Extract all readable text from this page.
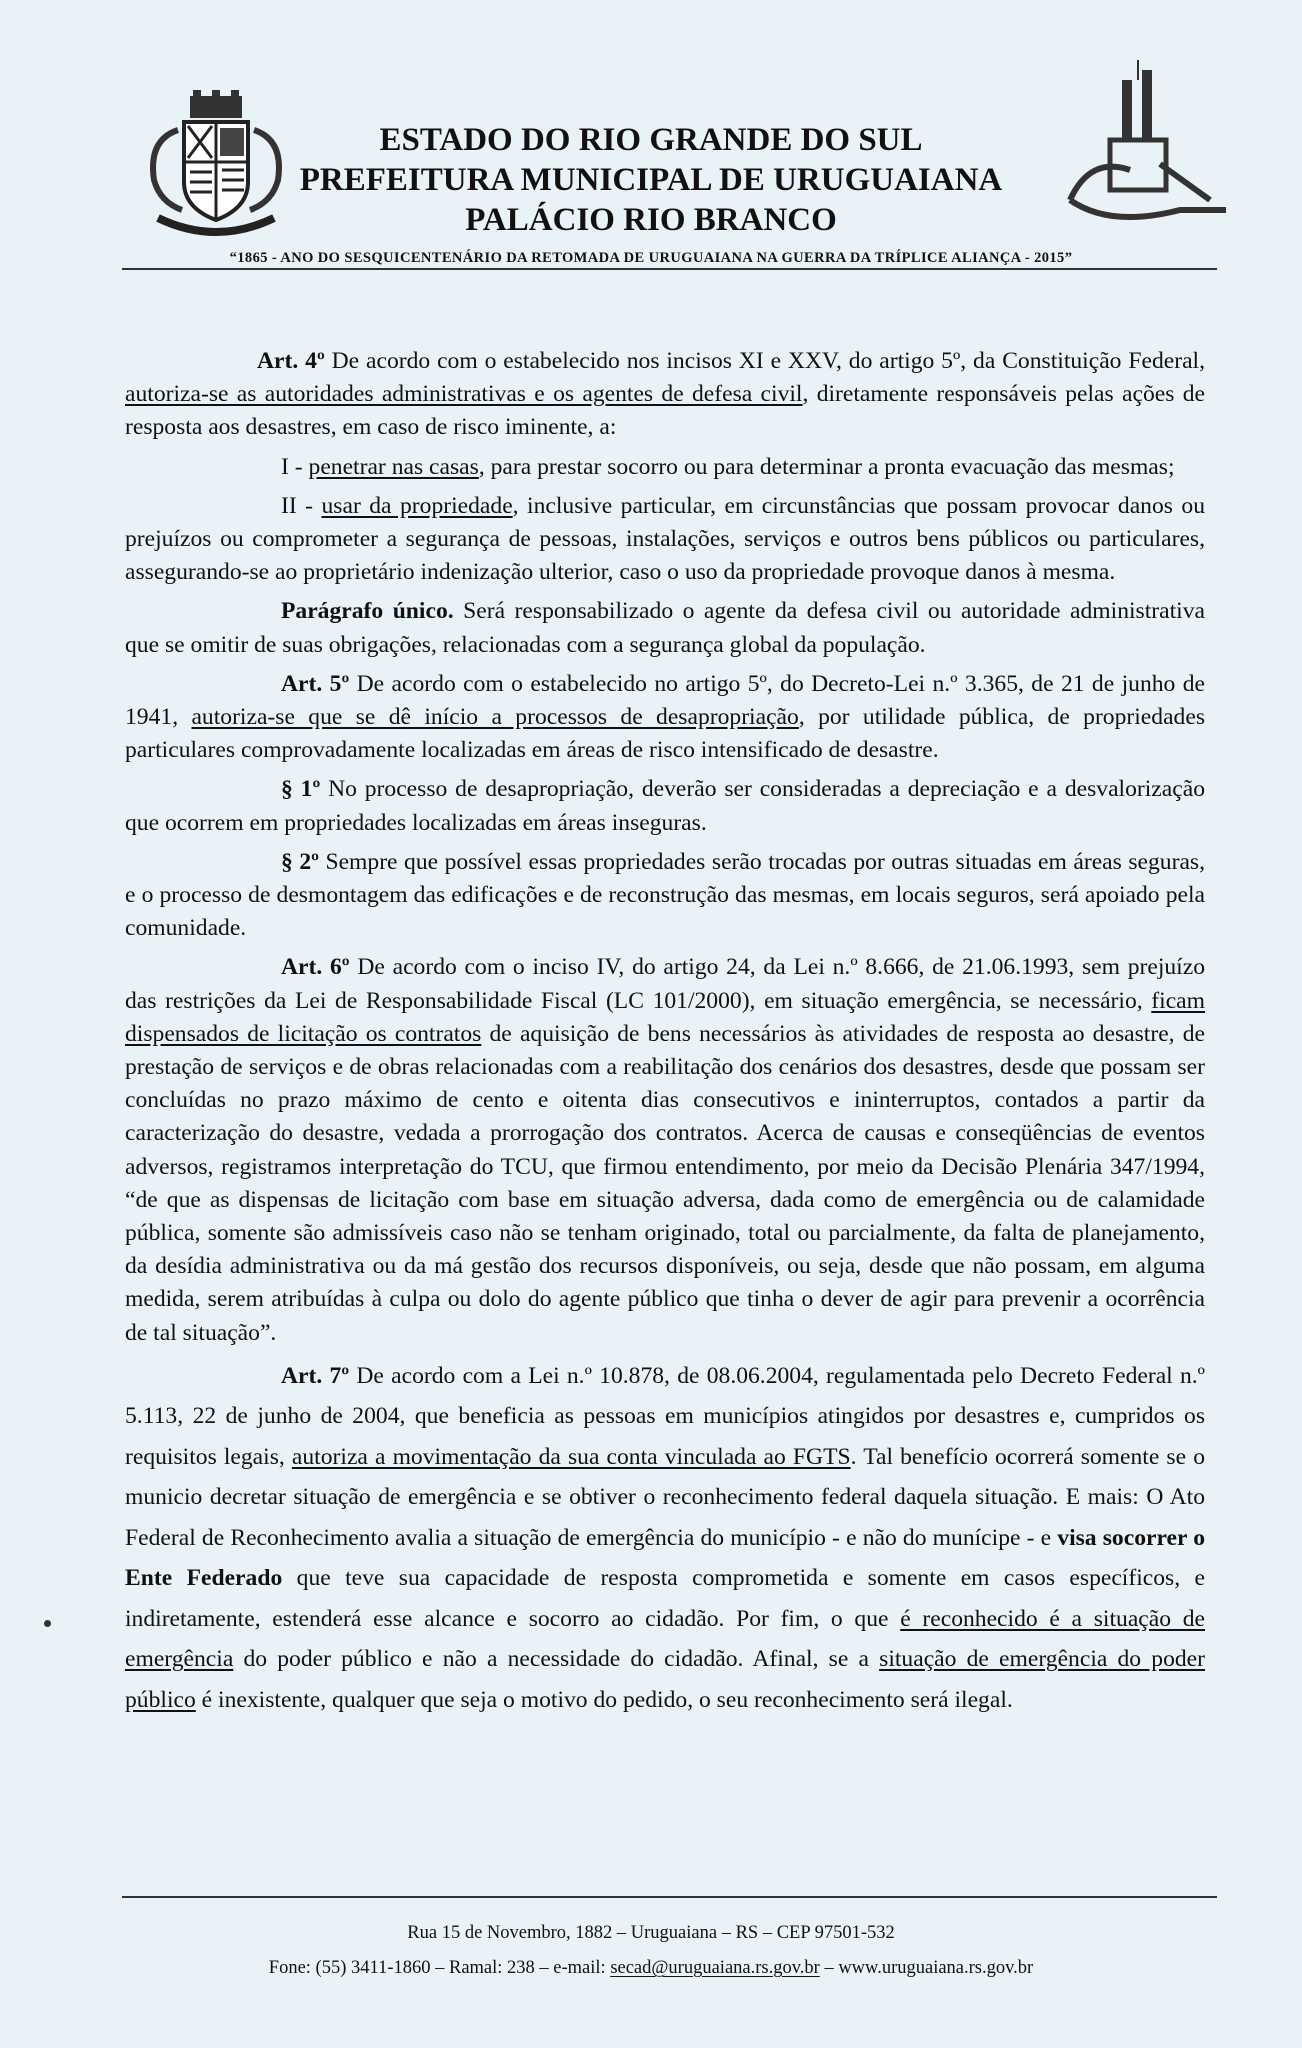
ESTADO DO RIO GRANDE DO SUL
PREFEITURA MUNICIPAL DE URUGUAIANA
PALÁCIO RIO BRANCO
“1865 - ANO DO SESQUICENTENÁRIO DA RETOMADA DE URUGUAIANA NA GUERRA DA TRÍPLICE ALIANÇA - 2015”

Art. 4º De acordo com o estabelecido nos incisos XI e XXV, do artigo 5º, da Constituição Federal, autoriza-se as autoridades administrativas e os agentes de defesa civil, diretamente responsáveis pelas ações de resposta aos desastres, em caso de risco iminente, a:

I - penetrar nas casas, para prestar socorro ou para determinar a pronta evacuação das mesmas;

II - usar da propriedade, inclusive particular, em circunstâncias que possam provocar danos ou prejuízos ou comprometer a segurança de pessoas, instalações, serviços e outros bens públicos ou particulares, assegurando-se ao proprietário indenização ulterior, caso o uso da propriedade provoque danos à mesma.

Parágrafo único. Será responsabilizado o agente da defesa civil ou autoridade administrativa que se omitir de suas obrigações, relacionadas com a segurança global da população.

Art. 5º De acordo com o estabelecido no artigo 5º, do Decreto-Lei n.º 3.365, de 21 de junho de 1941, autoriza-se que se dê início a processos de desapropriação, por utilidade pública, de propriedades particulares comprovadamente localizadas em áreas de risco intensificado de desastre.

§ 1º No processo de desapropriação, deverão ser consideradas a depreciação e a desvalorização que ocorrem em propriedades localizadas em áreas inseguras.

§ 2º Sempre que possível essas propriedades serão trocadas por outras situadas em áreas seguras, e o processo de desmontagem das edificações e de reconstrução das mesmas, em locais seguros, será apoiado pela comunidade.

Art. 6º De acordo com o inciso IV, do artigo 24, da Lei n.º 8.666, de 21.06.1993, sem prejuízo das restrições da Lei de Responsabilidade Fiscal (LC 101/2000), em situação emergência, se necessário, ficam dispensados de licitação os contratos de aquisição de bens necessários às atividades de resposta ao desastre, de prestação de serviços e de obras relacionadas com a reabilitação dos cenários dos desastres, desde que possam ser concluídas no prazo máximo de cento e oitenta dias consecutivos e ininterruptos, contados a partir da caracterização do desastre, vedada a prorrogação dos contratos. Acerca de causas e conseqüências de eventos adversos, registramos interpretação do TCU, que firmou entendimento, por meio da Decisão Plenária 347/1994, “de que as dispensas de licitação com base em situação adversa, dada como de emergência ou de calamidade pública, somente são admissíveis caso não se tenham originado, total ou parcialmente, da falta de planejamento, da desídia administrativa ou da má gestão dos recursos disponíveis, ou seja, desde que não possam, em alguma medida, serem atribuídas à culpa ou dolo do agente público que tinha o dever de agir para prevenir a ocorrência de tal situação”.

Art. 7º De acordo com a Lei n.º 10.878, de 08.06.2004, regulamentada pelo Decreto Federal n.º 5.113, 22 de junho de 2004, que beneficia as pessoas em municípios atingidos por desastres e, cumpridos os requisitos legais, autoriza a movimentação da sua conta vinculada ao FGTS. Tal benefício ocorrerá somente se o municio decretar situação de emergência e se obtiver o reconhecimento federal daquela situação. E mais: O Ato Federal de Reconhecimento avalia a situação de emergência do município - e não do munícipe - e visa socorrer o Ente Federado que teve sua capacidade de resposta comprometida e somente em casos específicos, e indiretamente, estenderá esse alcance e socorro ao cidadão. Por fim, o que é reconhecido é a situação de emergência do poder público e não a necessidade do cidadão. Afinal, se a situação de emergência do poder público é inexistente, qualquer que seja o motivo do pedido, o seu reconhecimento será ilegal.

Rua 15 de Novembro, 1882 – Uruguaiana – RS – CEP 97501-532
Fone: (55) 3411-1860 – Ramal: 238 – e-mail: secad@uruguaiana.rs.gov.br – www.uruguaiana.rs.gov.br
